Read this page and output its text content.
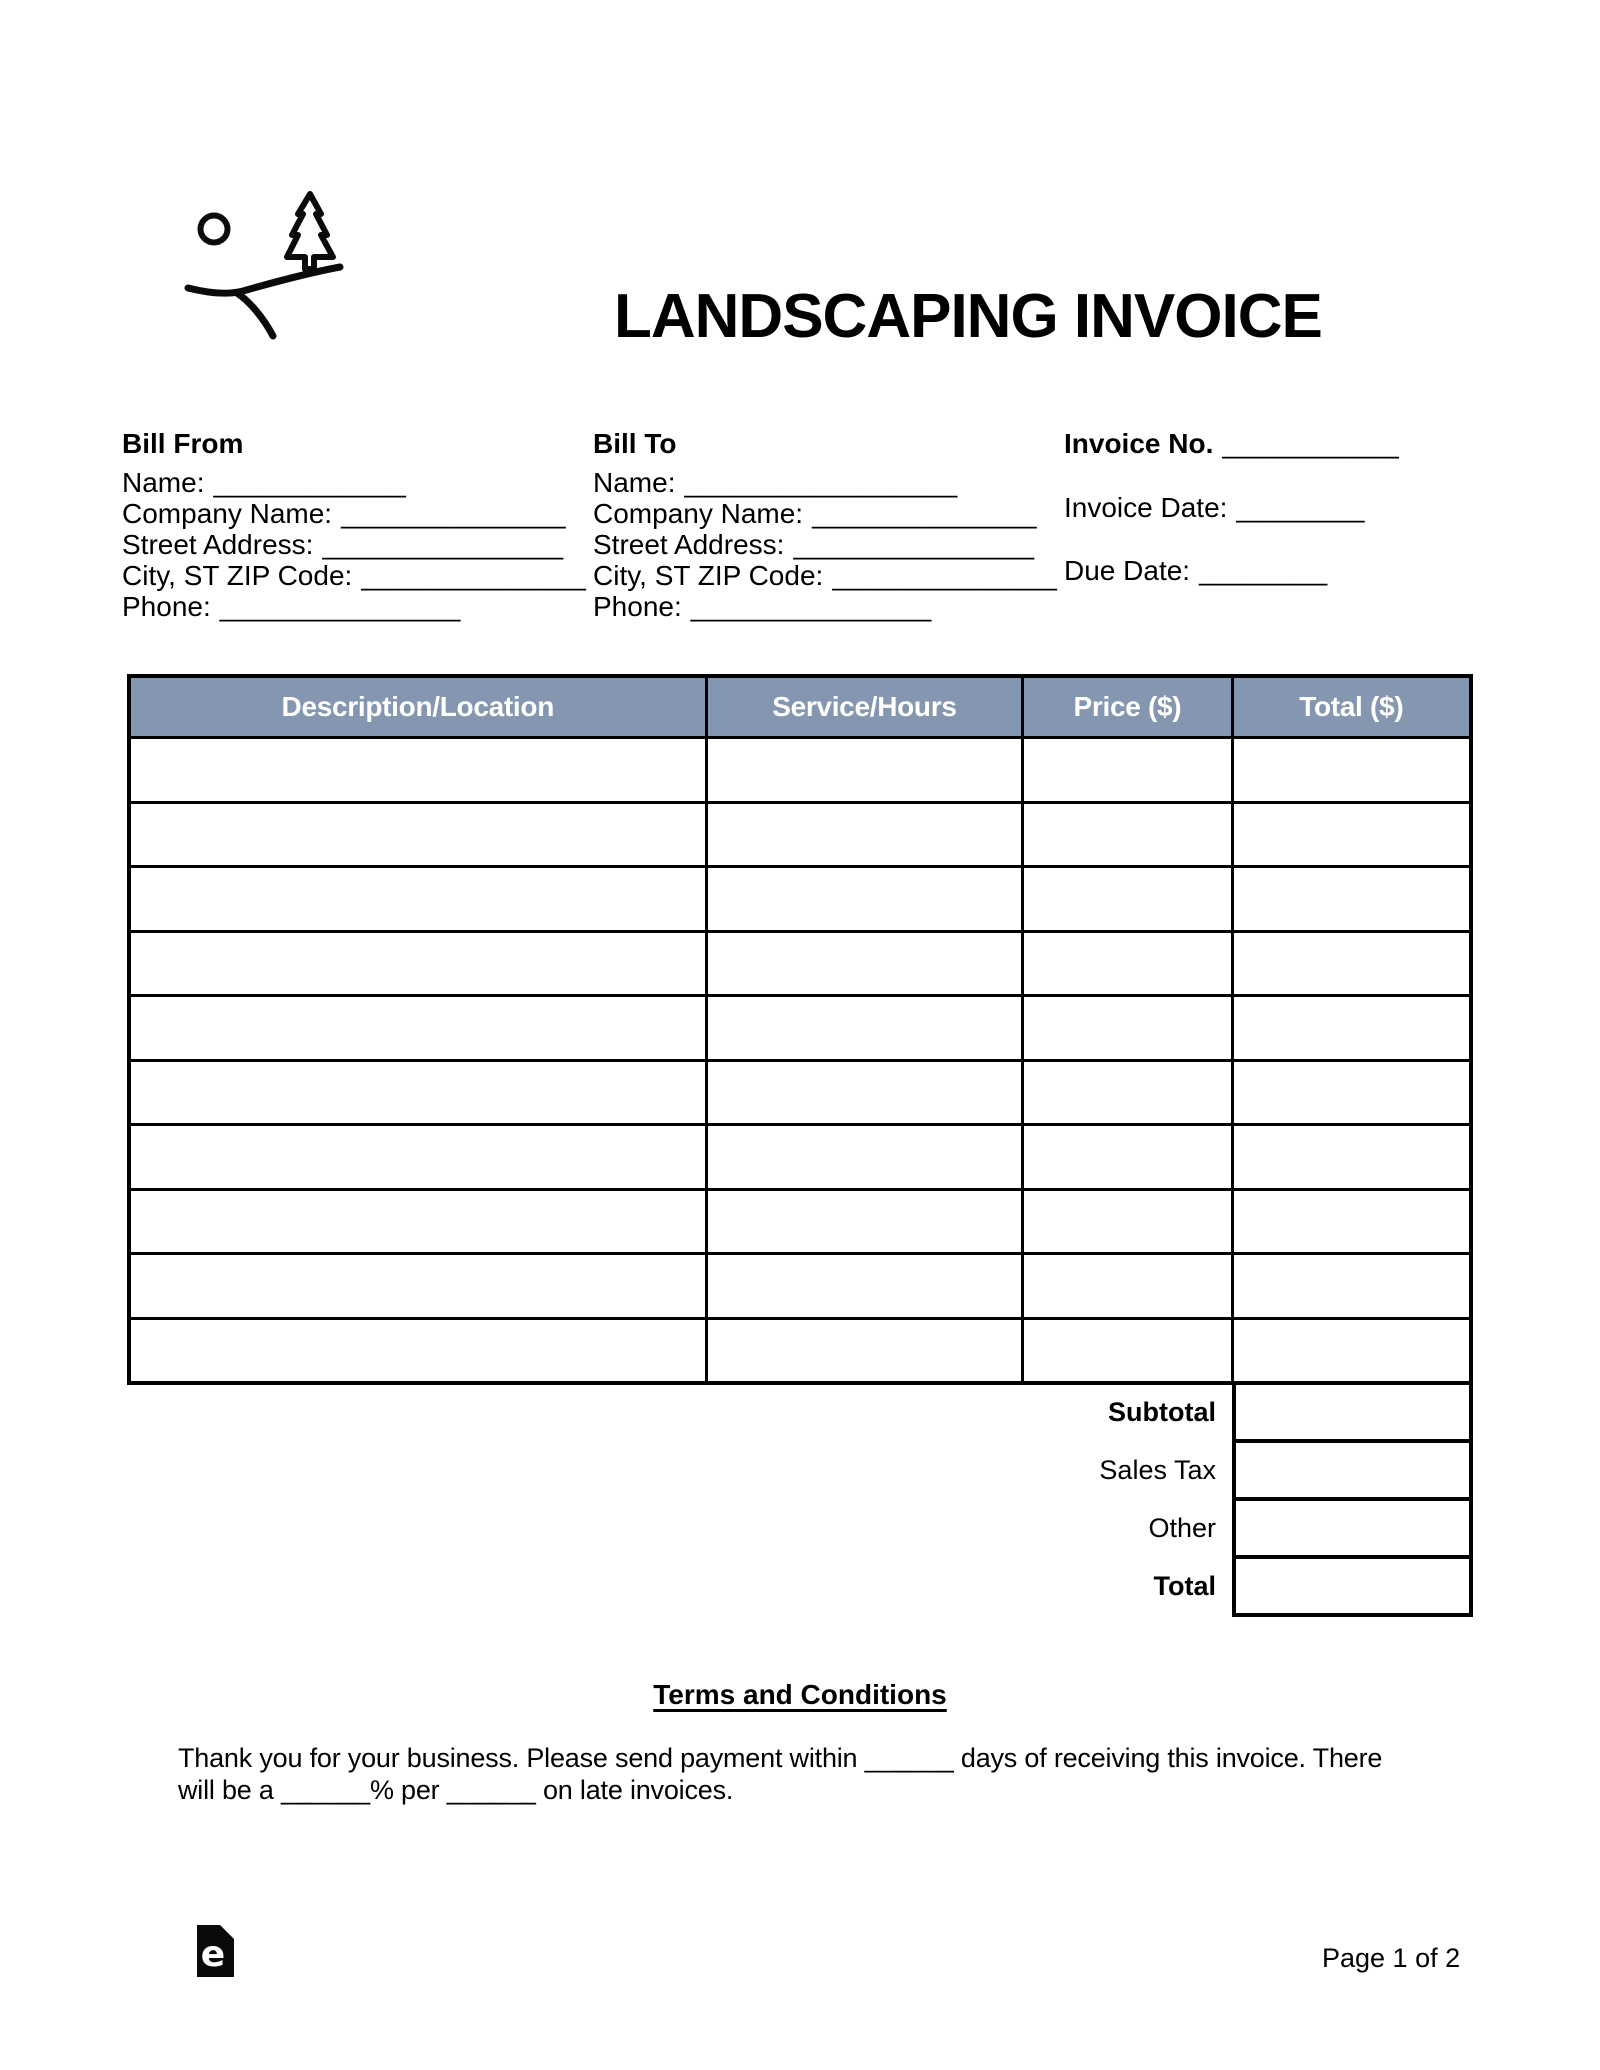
LANDSCAPING INVOICE
Bill From
Name: ____________
Company Name: ______________
Street Address: _______________
City, ST ZIP Code: ______________
Phone: _______________
Bill To
Name: _________________
Company Name: ______________
Street Address: _______________
City, ST ZIP Code: ______________
Phone: _______________
Invoice No. ___________
Invoice Date: ________
Due Date: ________
Description/Location	Service/Hours	Price ($)	Total ($)

Subtotal
Sales Tax
Other
Total
Terms and Conditions
Thank you for your business. Please send payment within ______ days of receiving this invoice. There
will be a ______% per ______ on late invoices.
e	Page 1 of 2
